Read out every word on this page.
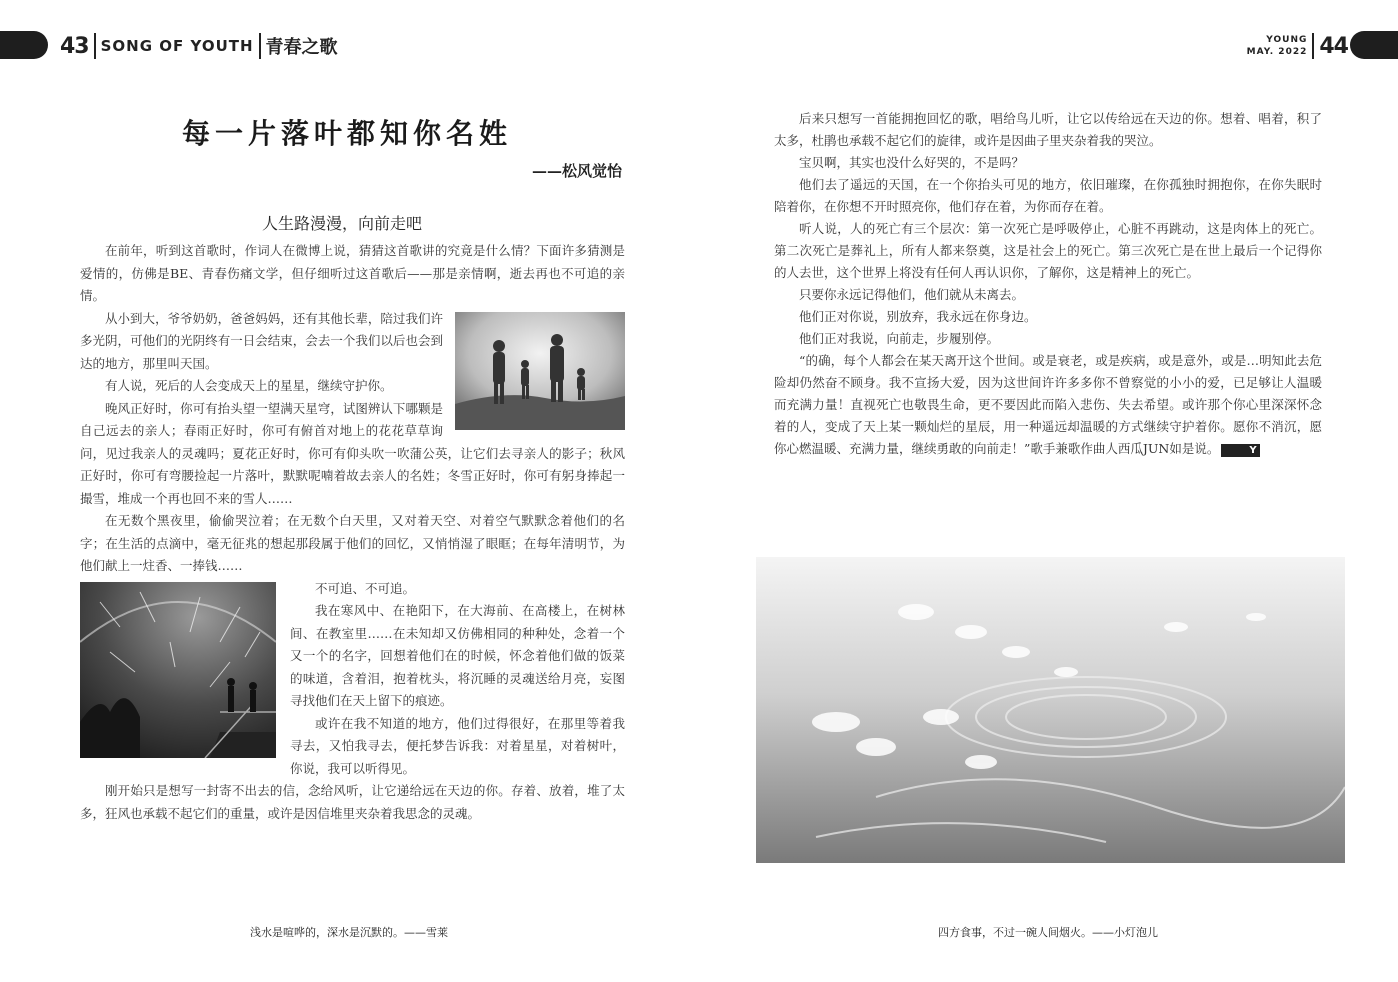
43 SONG OF YOUTH 青春之歌	YOUNG
MAY. 2022 44
每一片落叶都知你名姓
——松风觉怡
人生路漫漫，向前走吧

在前年，听到这首歌时，作词人在微博上说，猜猜这首歌讲的究竟是什么情？下面许多猜测是爱情的，仿佛是BE、青春伤痛文学，但仔细听过这首歌后——那是亲情啊，逝去再也不可追的亲情。

从小到大，爷爷奶奶，爸爸妈妈，还有其他长辈，陪过我们许多光阴，可他们的光阴终有一日会结束，会去一个我们以后也会到达的地方，那里叫天国。

有人说，死后的人会变成天上的星星，继续守护你。

晚风正好时，你可有抬头望一望满天星穹，试图辨认下哪颗是自己远去的亲人；春雨正好时，你可有俯首对地上的花花草草询问，见过我亲人的灵魂吗；夏花正好时，你可有仰头吹一吹蒲公英，让它们去寻亲人的影子；秋风正好时，你可有弯腰捡起一片落叶，默默呢喃着故去亲人的名姓；冬雪正好时，你可有躬身捧起一撮雪，堆成一个再也回不来的雪人……

在无数个黑夜里，偷偷哭泣着；在无数个白天里，又对着天空、对着空气默默念着他们的名字；在生活的点滴中，毫无征兆的想起那段属于他们的回忆，又悄悄湿了眼眶；在每年清明节，为他们献上一炷香、一捧钱……

不可追、不可追。

我在寒风中、在艳阳下，在大海前、在高楼上，在树林间、在教室里……在未知却又仿佛相同的种种处，念着一个又一个的名字，回想着他们在的时候，怀念着他们做的饭菜的味道，含着泪，抱着枕头，将沉睡的灵魂送给月亮，妄图寻找他们在天上留下的痕迹。

或许在我不知道的地方，他们过得很好，在那里等着我寻去，又怕我寻去，便托梦告诉我：对着星星，对着树叶，你说，我可以听得见。

刚开始只是想写一封寄不出去的信，念给风听，让它递给远在天边的你。存着、放着，堆了太多，狂风也承载不起它们的重量，或许是因信堆里夹杂着我思念的灵魂。

后来只想写一首能拥抱回忆的歌，唱给鸟儿听，让它以传给远在天边的你。想着、唱着，积了太多，杜鹃也承载不起它们的旋律，或许是因曲子里夹杂着我的哭泣。

宝贝啊，其实也没什么好哭的，不是吗？

他们去了遥远的天国，在一个你抬头可见的地方，依旧璀璨，在你孤独时拥抱你，在你失眠时陪着你，在你想不开时照亮你，他们存在着，为你而存在着。

听人说，人的死亡有三个层次：第一次死亡是呼吸停止，心脏不再跳动，这是肉体上的死亡。第二次死亡是葬礼上，所有人都来祭奠，这是社会上的死亡。第三次死亡是在世上最后一个记得你的人去世，这个世界上将没有任何人再认识你，了解你，这是精神上的死亡。

只要你永远记得他们，他们就从未离去。

他们正对你说，别放弃，我永远在你身边。

他们正对我说，向前走，步履别停。

“的确，每个人都会在某天离开这个世间。或是衰老，或是疾病，或是意外，或是…明知此去危险却仍然奋不顾身。我不宣扬大爱，因为这世间许许多多你不曾察觉的小小的爱，已足够让人温暖而充满力量！直视死亡也敬畏生命，更不要因此而陷入悲伤、失去希望。或许那个你心里深深怀念着的人，变成了天上某一颗灿烂的星辰，用一种遥远却温暖的方式继续守护着你。愿你不消沉，愿你心燃温暖、充满力量，继续勇敢的向前走！”歌手兼歌作曲人西瓜JUN如是说。	Y

浅水是喧哗的，深水是沉默的。——雪莱	四方食事，不过一碗人间烟火。——小灯泡儿
